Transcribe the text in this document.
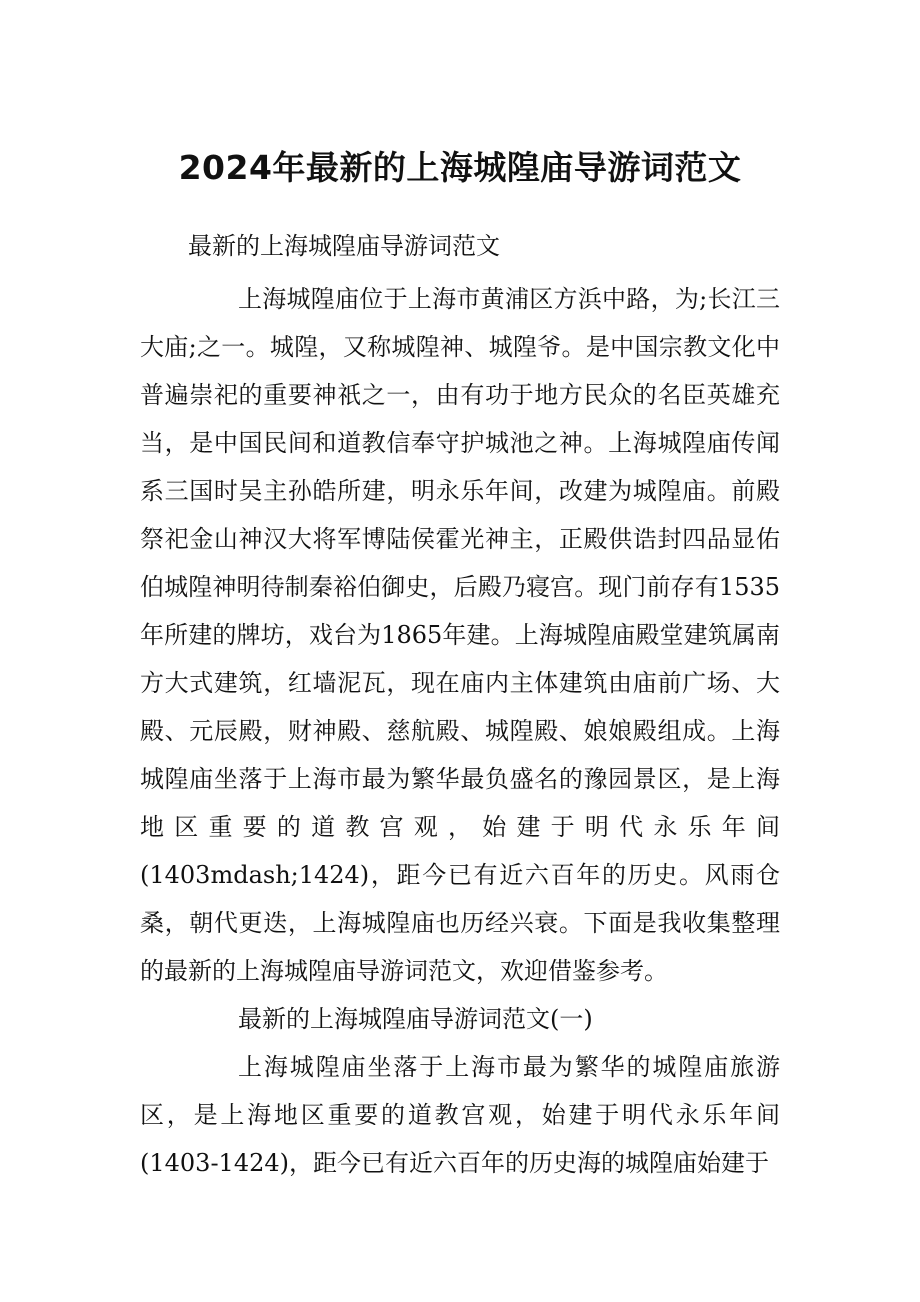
2024年最新的上海城隍庙导游词范文
最新的上海城隍庙导游词范文
上海城隍庙位于上海市黄浦区方浜中路，为;长江三大庙;之一。城隍，又称城隍神、城隍爷。是中国宗教文化中普遍崇祀的重要神祇之一，由有功于地方民众的名臣英雄充当，是中国民间和道教信奉守护城池之神。上海城隍庙传闻系三国时吴主孙皓所建，明永乐年间，改建为城隍庙。前殿祭祀金山神汉大将军博陆侯霍光神主，正殿供诰封四品显佑伯城隍神明待制秦裕伯御史，后殿乃寝宫。现门前存有1535年所建的牌坊，戏台为1865年建。上海城隍庙殿堂建筑属南方大式建筑，红墙泥瓦，现在庙内主体建筑由庙前广场、大殿、元辰殿，财神殿、慈航殿、城隍殿、娘娘殿组成。上海城隍庙坐落于上海市最为繁华最负盛名的豫园景区，是上海地区重要的道教宫观，始建于明代永乐年间(1403mdash;1424)，距今已有近六百年的历史。风雨仓桑，朝代更迭，上海城隍庙也历经兴衰。下面是我收集整理的最新的上海城隍庙导游词范文，欢迎借鉴参考。
最新的上海城隍庙导游词范文(一)
上海城隍庙坐落于上海市最为繁华的城隍庙旅游区，是上海地区重要的道教宫观，始建于明代永乐年间(1403-1424)，距今已有近六百年的历史海的城隍庙始建于
